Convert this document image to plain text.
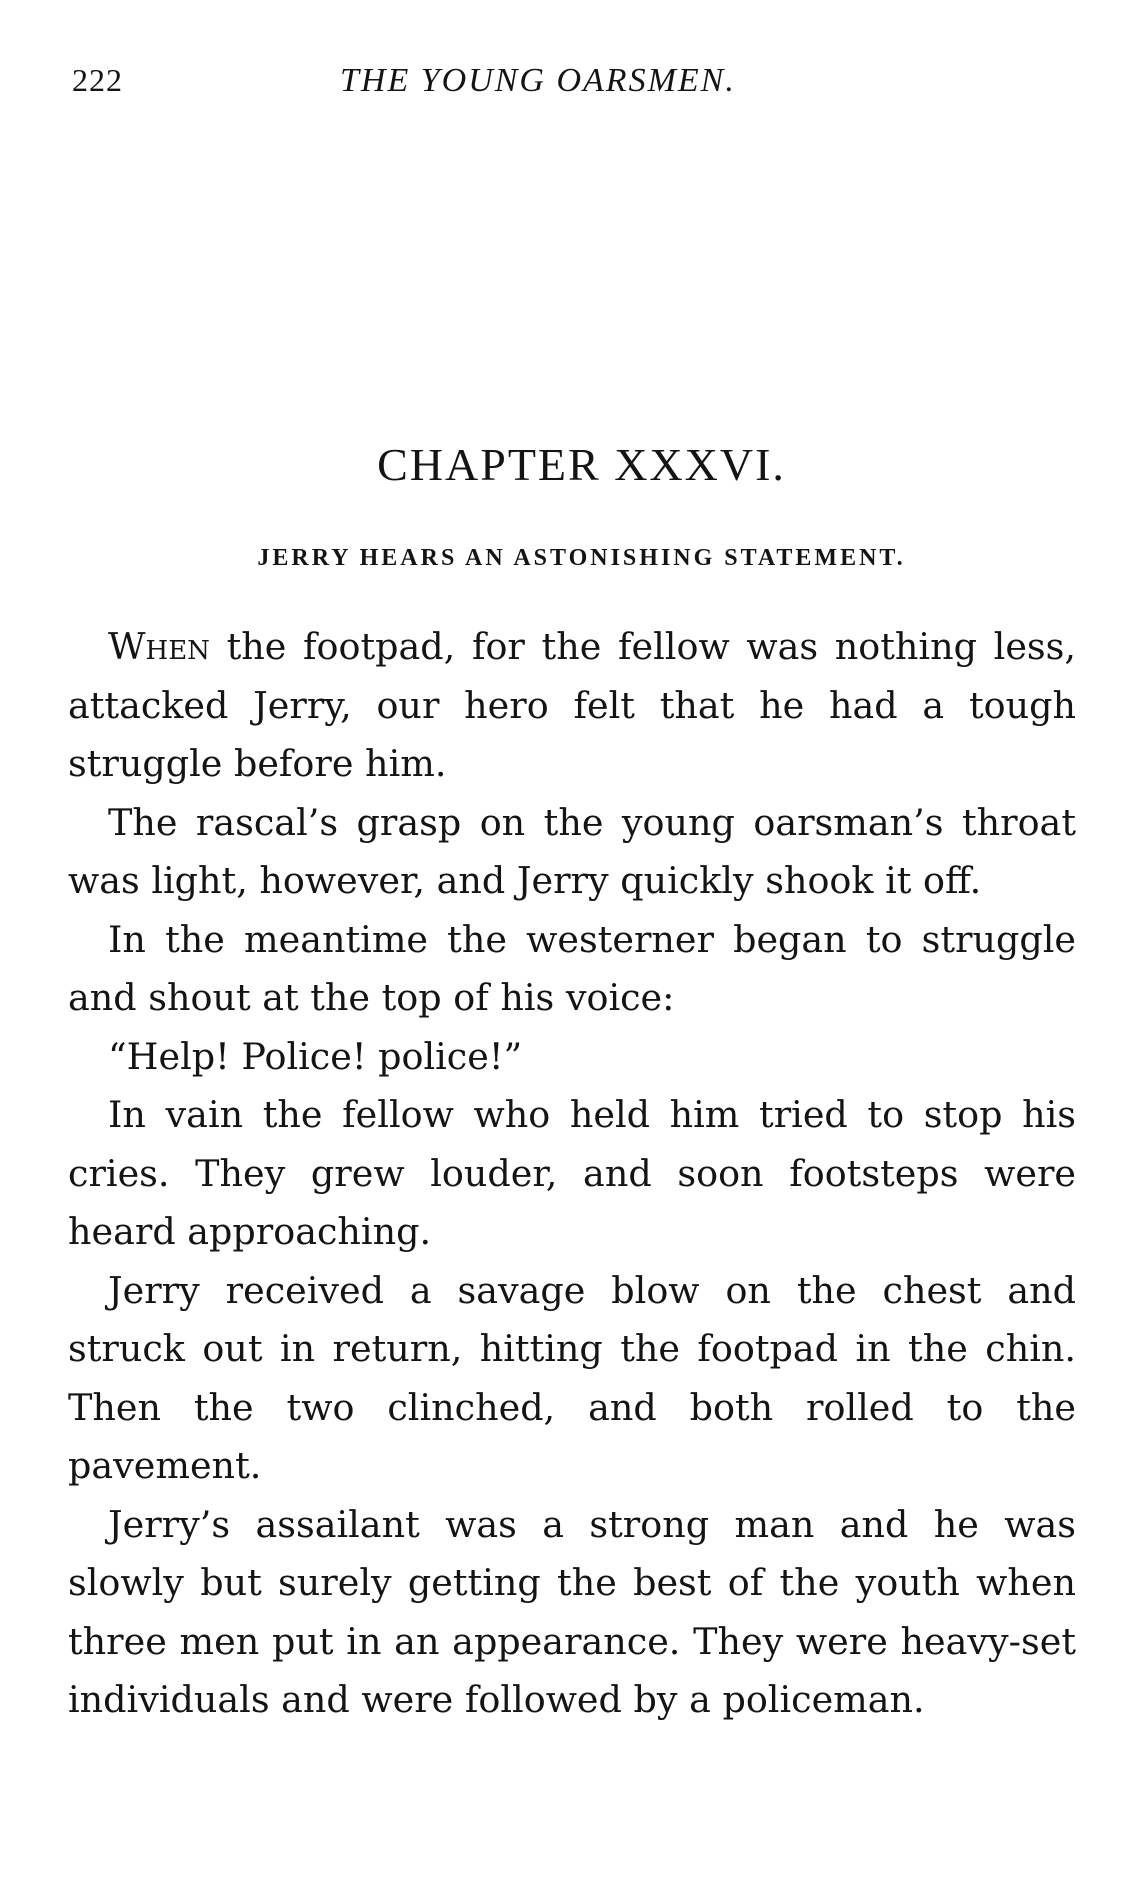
222	THE YOUNG OARSMEN.
CHAPTER XXXVI.
JERRY HEARS AN ASTONISHING STATEMENT.

When the footpad, for the fellow was nothing less, attacked Jerry, our hero felt that he had a tough struggle before him.

The rascal’s grasp on the young oarsman’s throat was light, however, and Jerry quickly shook it off.

In the meantime the westerner began to struggle and shout at the top of his voice:

“Help! Police! police!”

In vain the fellow who held him tried to stop his cries. They grew louder, and soon footsteps were heard approaching.

Jerry received a savage blow on the chest and struck out in return, hitting the footpad in the chin. Then the two clinched, and both rolled to the pavement.

Jerry’s assailant was a strong man and he was slowly but surely getting the best of the youth when three men put in an appearance. They were heavy-set individuals and were followed by a policeman.
